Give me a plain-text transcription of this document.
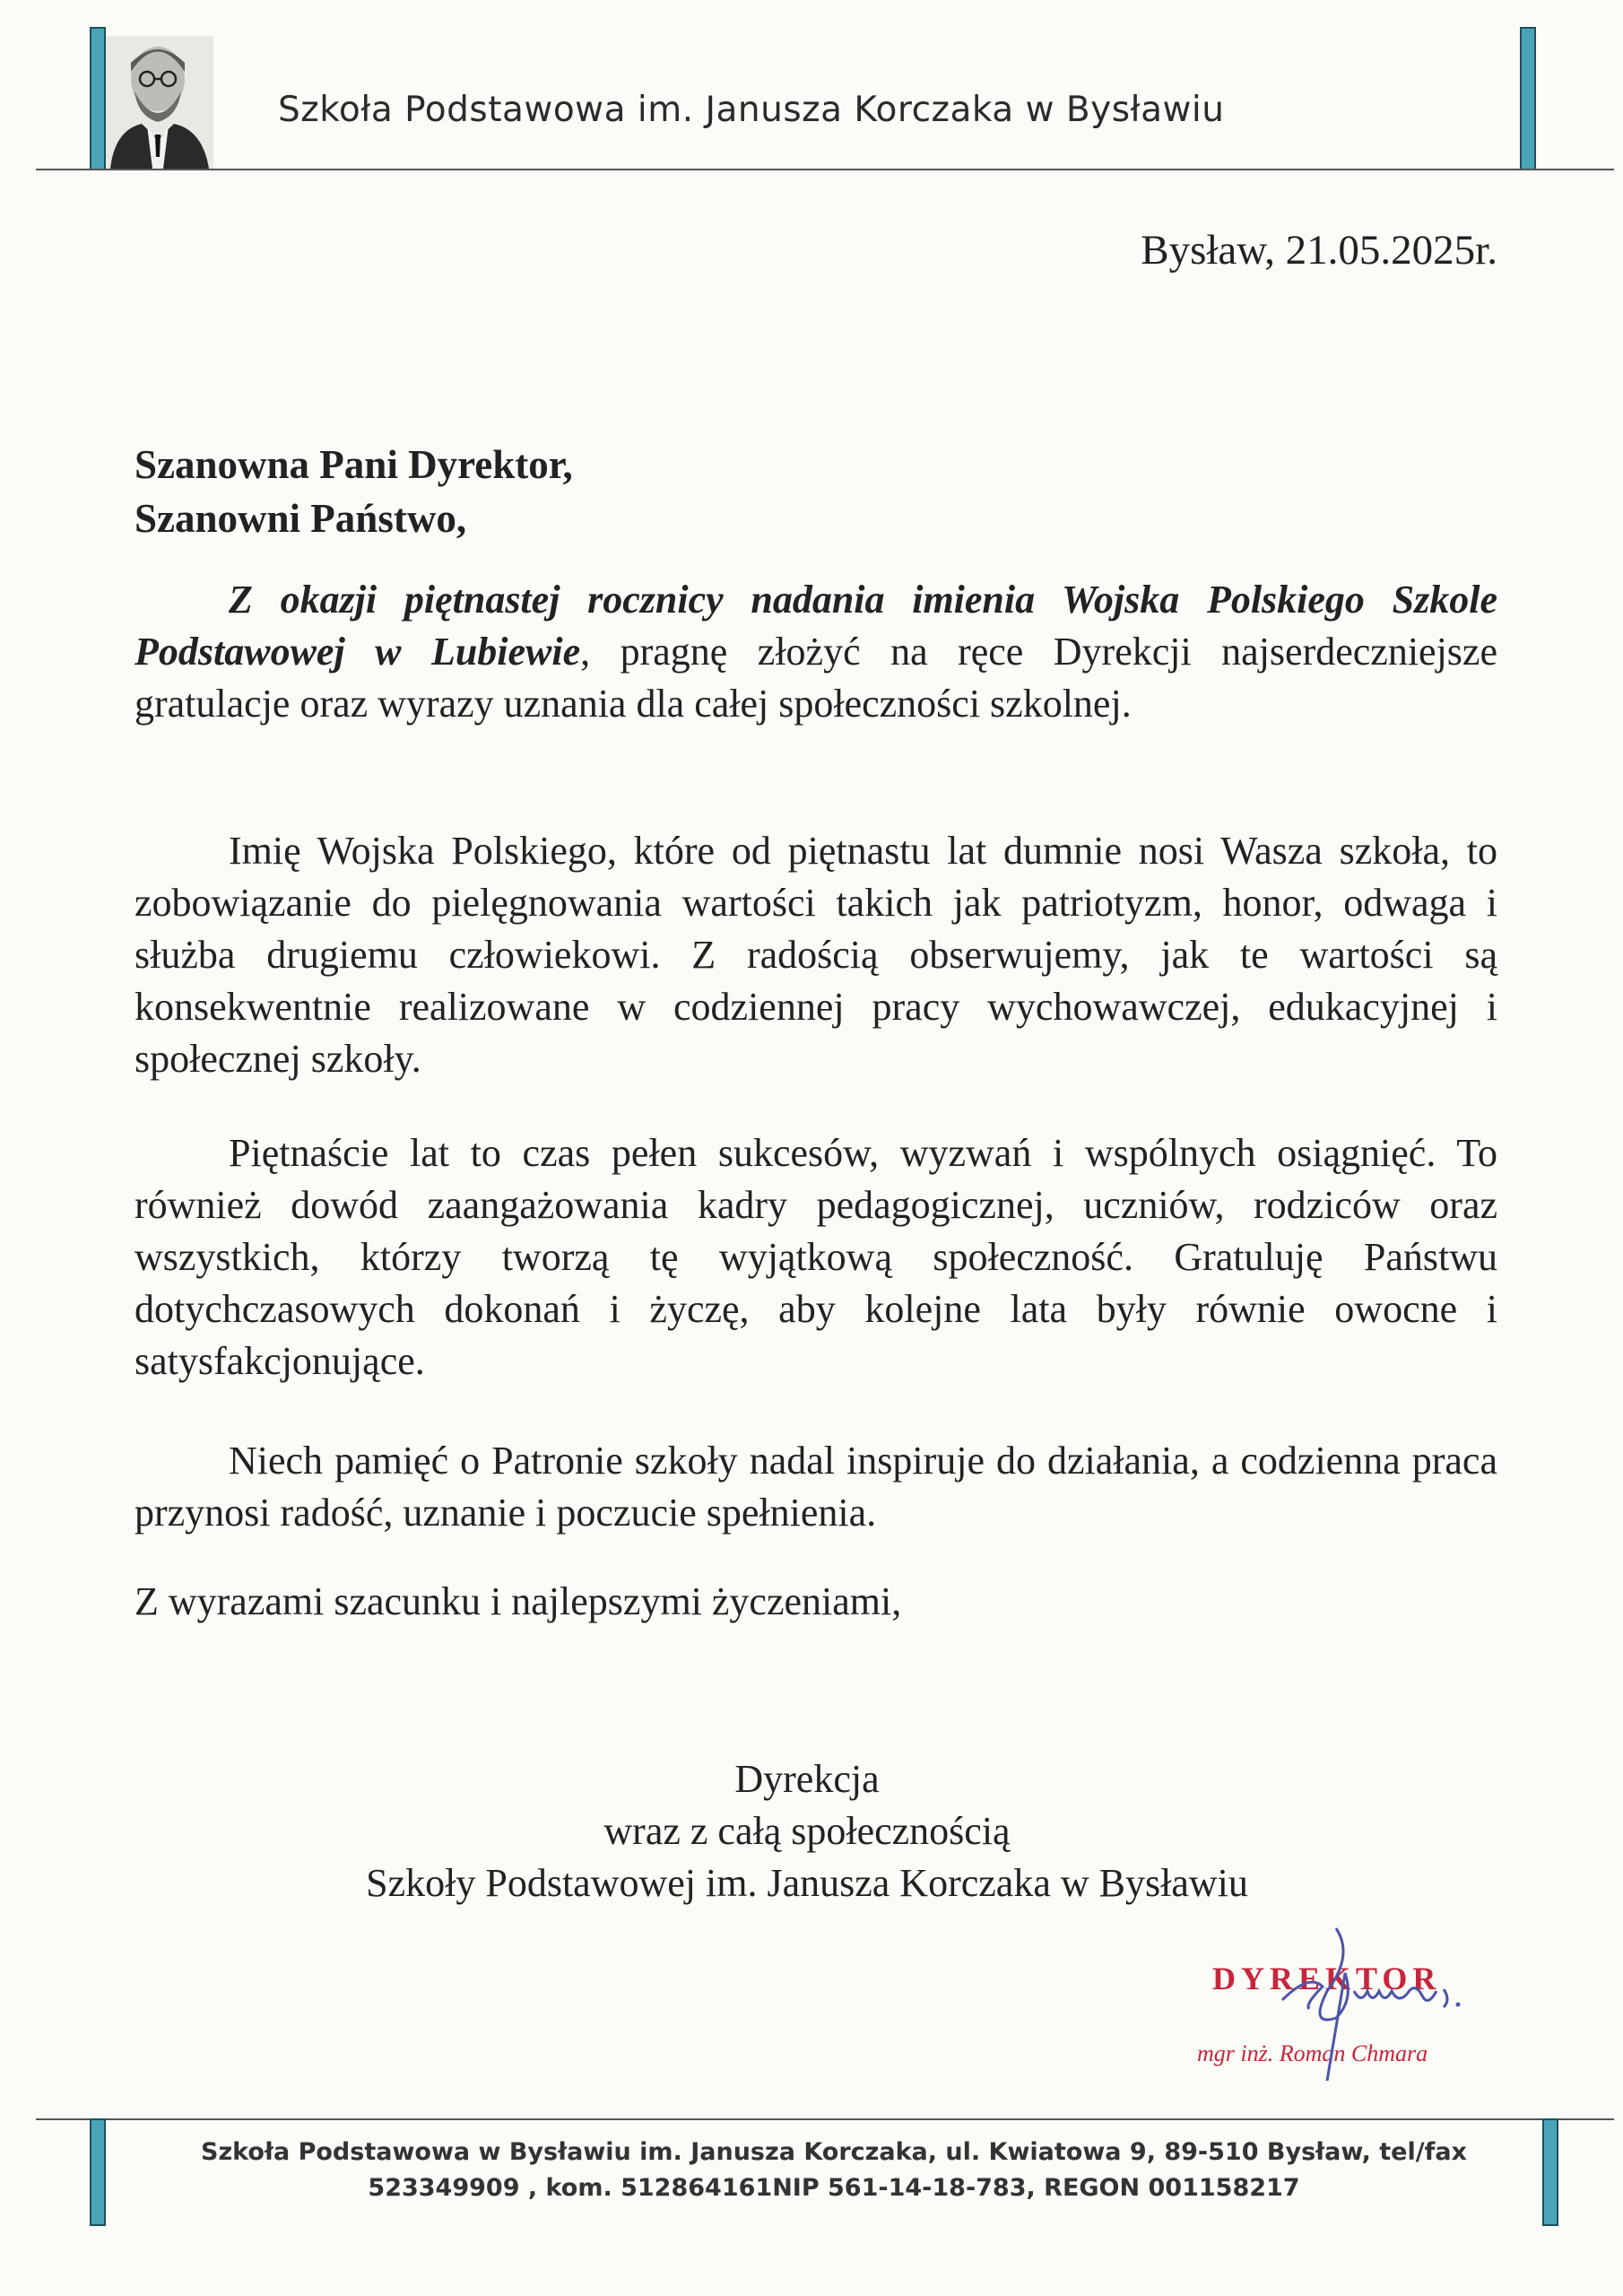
Szkoła Podstawowa im. Janusza Korczaka w Bysławiu
Bysław, 21.05.2025r.
Szanowna Pani Dyrektor,
Szanowni Państwo,
Z okazji piętnastej rocznicy nadania imienia Wojska Polskiego Szkole Podstawowej w Lubiewie, pragnę złożyć na ręce Dyrekcji najserdeczniejsze gratulacje oraz wyrazy uznania dla całej społeczności szkolnej.
Imię Wojska Polskiego, które od piętnastu lat dumnie nosi Wasza szkoła, to zobowiązanie do pielęgnowania wartości takich jak patriotyzm, honor, odwaga i służba drugiemu człowiekowi. Z radością obserwujemy, jak te wartości są konsekwentnie realizowane w codziennej pracy wychowawczej, edukacyjnej i społecznej szkoły.
Piętnaście lat to czas pełen sukcesów, wyzwań i wspólnych osiągnięć. To również dowód zaangażowania kadry pedagogicznej, uczniów, rodziców oraz wszystkich, którzy tworzą tę wyjątkową społeczność. Gratuluję Państwu dotychczasowych dokonań i życzę, aby kolejne lata były równie owocne i satysfakcjonujące.
Niech pamięć o Patronie szkoły nadal inspiruje do działania, a codzienna praca przynosi radość, uznanie i poczucie spełnienia.
Z wyrazami szacunku i najlepszymi życzeniami,
Dyrekcja
wraz z całą społecznością
Szkoły Podstawowej im. Janusza Korczaka w Bysławiu
DYREKTOR
mgr inż. Roman Chmara
Szkoła Podstawowa w Bysławiu im. Janusza Korczaka, ul. Kwiatowa 9, 89-510 Bysław, tel/fax
523349909 , kom. 512864161NIP 561-14-18-783, REGON 001158217
